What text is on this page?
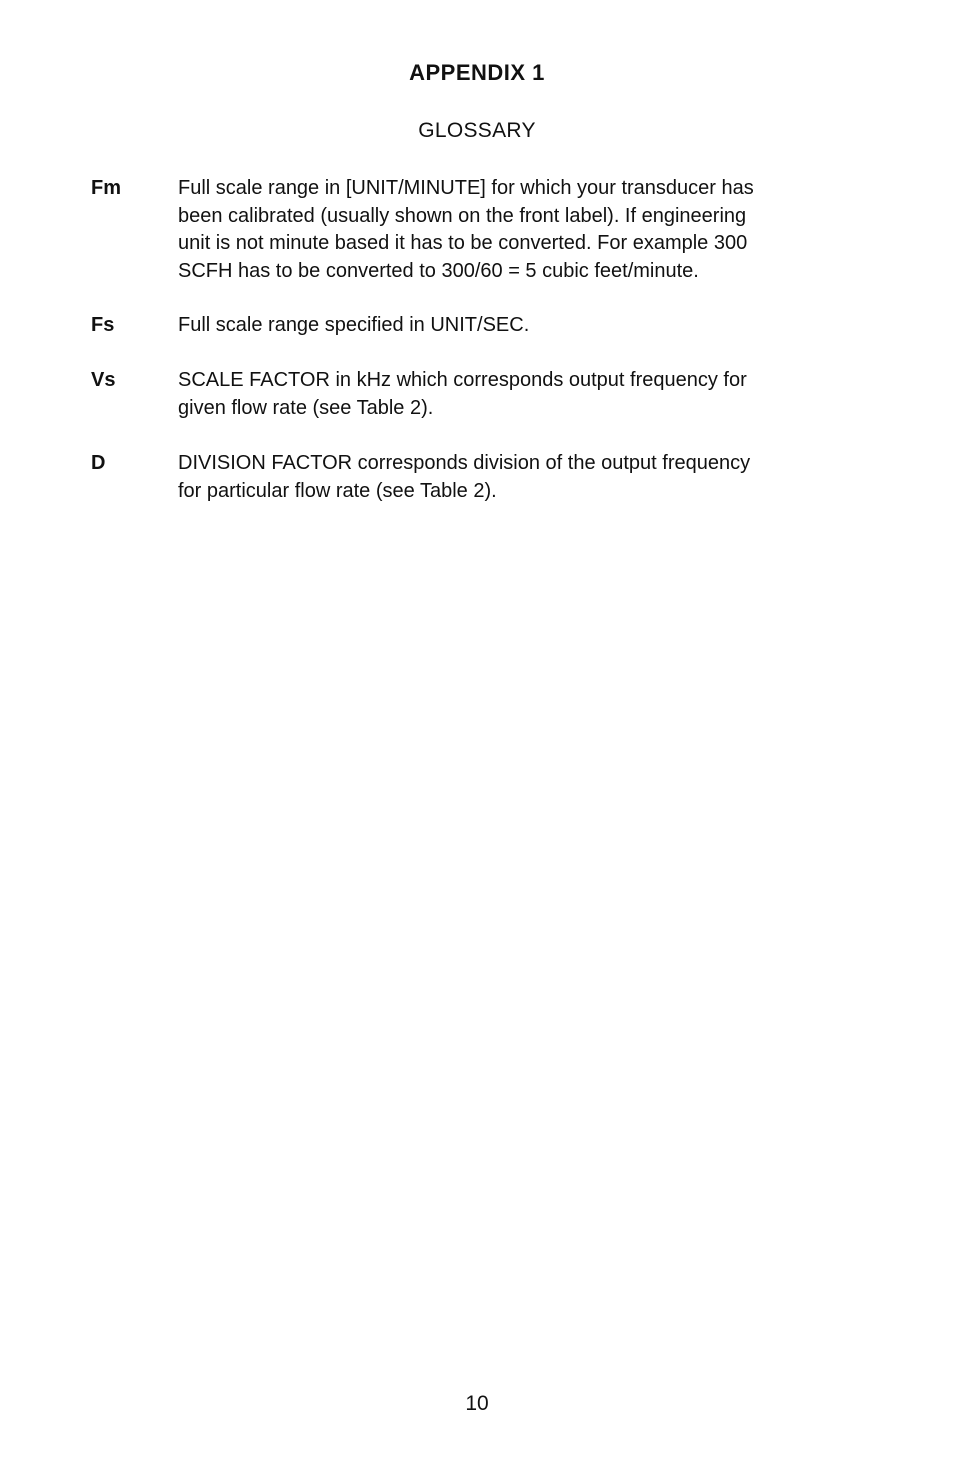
APPENDIX 1
GLOSSARY
Fm	Full scale range in [UNIT/MINUTE] for which your transducer has
been calibrated (usually shown on the front label). If engineering
unit is not minute based it has to be converted. For example 300
SCFH has to be converted to 300/60 = 5 cubic feet/minute.
Fs	Full scale range specified in UNIT/SEC.
Vs	SCALE FACTOR in kHz which corresponds output frequency for
given flow rate (see Table 2).
D	DIVISION FACTOR corresponds division of the output frequency
for particular flow rate (see Table 2).
10
